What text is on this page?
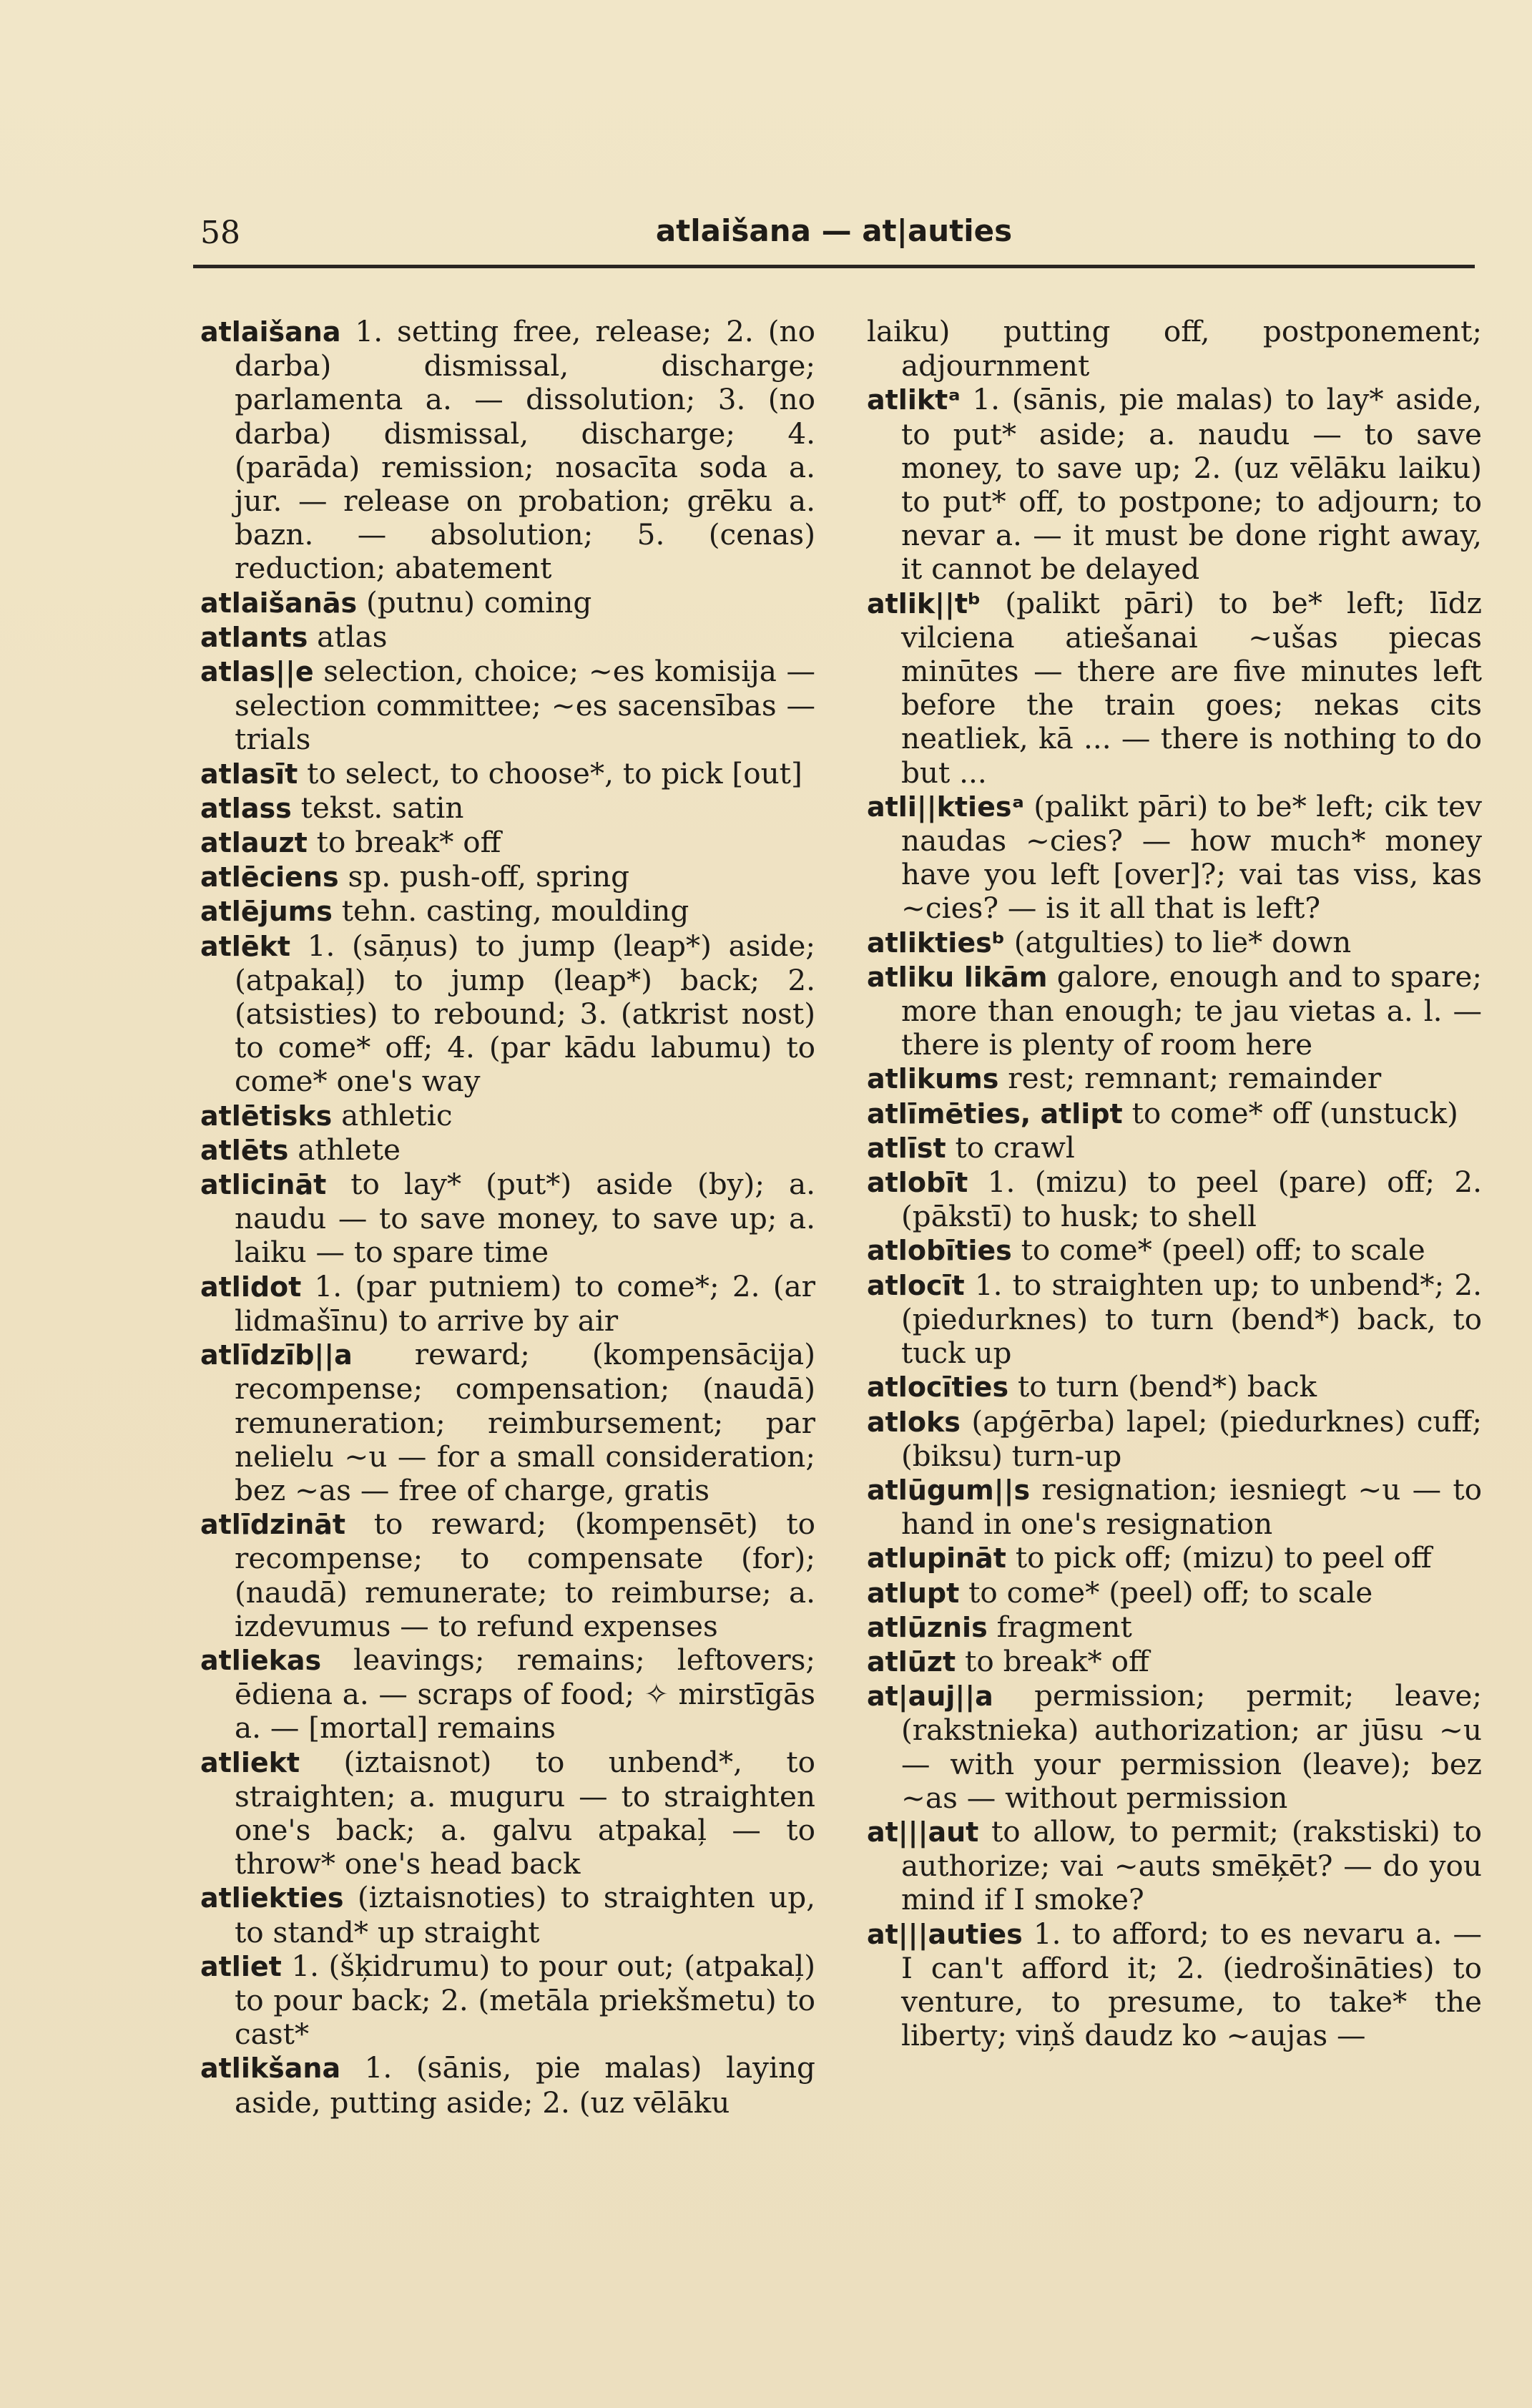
58	atlaišana — at|auties

atlaišana 1. setting free, release; 2. (no darba) dismissal, discharge; parlamenta a. — dissolution; 3. (no darba) dismissal, discharge; 4. (parāda) remission; nosacīta soda a. jur. — release on probation; grēku a. bazn. — absolution; 5. (cenas) reduction; abatement

atlaišanās (putnu) coming

atlants atlas

atlas||e selection, choice; ~es komisija — selection committee; ~es sacensības — trials

atlasīt to select, to choose*, to pick [out]

atlass tekst. satin

atlauzt to break* off

atlēciens sp. push-off, spring

atlējums tehn. casting, moulding

atlēkt 1. (sāņus) to jump (leap*) aside; (atpakaļ) to jump (leap*) back; 2. (atsisties) to rebound; 3. (atkrist nost) to come* off; 4. (par kādu labumu) to come* one's way

atlētisks athletic

atlēts athlete

atlicināt to lay* (put*) aside (by); a. naudu — to save money, to save up; a. laiku — to spare time

atlidot 1. (par putniem) to come*; 2. (ar lidmašīnu) to arrive by air

atlīdzīb||a reward; (kompensācija) recompense; compensation; (naudā) remuneration; reimbursement; par nelielu ~u — for a small consideration; bez ~as — free of charge, gratis

atlīdzināt to reward; (kompensēt) to recompense; to compensate (for); (naudā) remunerate; to reimburse; a. izdevumus — to refund expenses

atliekas leavings; remains; leftovers; ēdiena a. — scraps of food; ✧ mirstīgās a. — [mortal] remains

atliekt (iztaisnot) to unbend*, to straighten; a. muguru — to straighten one's back; a. galvu atpakaļ — to throw* one's head back

atliekties (iztaisnoties) to straighten up, to stand* up straight

atliet 1. (šķidrumu) to pour out; (atpakaļ) to pour back; 2. (metāla priekšmetu) to cast*

atlikšana 1. (sānis, pie malas) laying aside, putting aside; 2. (uz vēlāku

laiku) putting off, postponement; adjournment

atliktᵃ 1. (sānis, pie malas) to lay* aside, to put* aside; a. naudu — to save money, to save up; 2. (uz vēlāku laiku) to put* off, to postpone; to adjourn; to nevar a. — it must be done right away, it cannot be delayed

atlik||tᵇ (palikt pāri) to be* left; līdz vilciena atiešanai ~ušas piecas minūtes — there are five minutes left before the train goes; nekas cits neatliek, kā ... — there is nothing to do but ...

atli||ktiesᵃ (palikt pāri) to be* left; cik tev naudas ~cies? — how much* money have you left [over]?; vai tas viss, kas ~cies? — is it all that is left?

atliktiesᵇ (atgulties) to lie* down

atliku likām galore, enough and to spare; more than enough; te jau vietas a. l. — there is plenty of room here

atlikums rest; remnant; remainder

atlīmēties, atlipt to come* off (unstuck)

atlīst to crawl

atlobīt 1. (mizu) to peel (pare) off; 2. (pākstī) to husk; to shell

atlobīties to come* (peel) off; to scale

atlocīt 1. to straighten up; to unbend*; 2. (piedurknes) to turn (bend*) back, to tuck up

atlocīties to turn (bend*) back

atloks (apģērba) lapel; (piedurknes) cuff; (biksu) turn-up

atlūgum||s resignation; iesniegt ~u — to hand in one's resignation

atlupināt to pick off; (mizu) to peel off

atlupt to come* (peel) off; to scale

atlūznis fragment

atlūzt to break* off

at|auj||a permission; permit; leave; (rakstnieka) authorization; ar jūsu ~u — with your permission (leave); bez ~as — without permission

at|||aut to allow, to permit; (rakstiski) to authorize; vai ~auts smēķēt? — do you mind if I smoke?

at|||auties 1. to afford; to es nevaru a. — I can't afford it; 2. (iedrošināties) to venture, to presume, to take* the liberty; viņš daudz ko ~aujas —
